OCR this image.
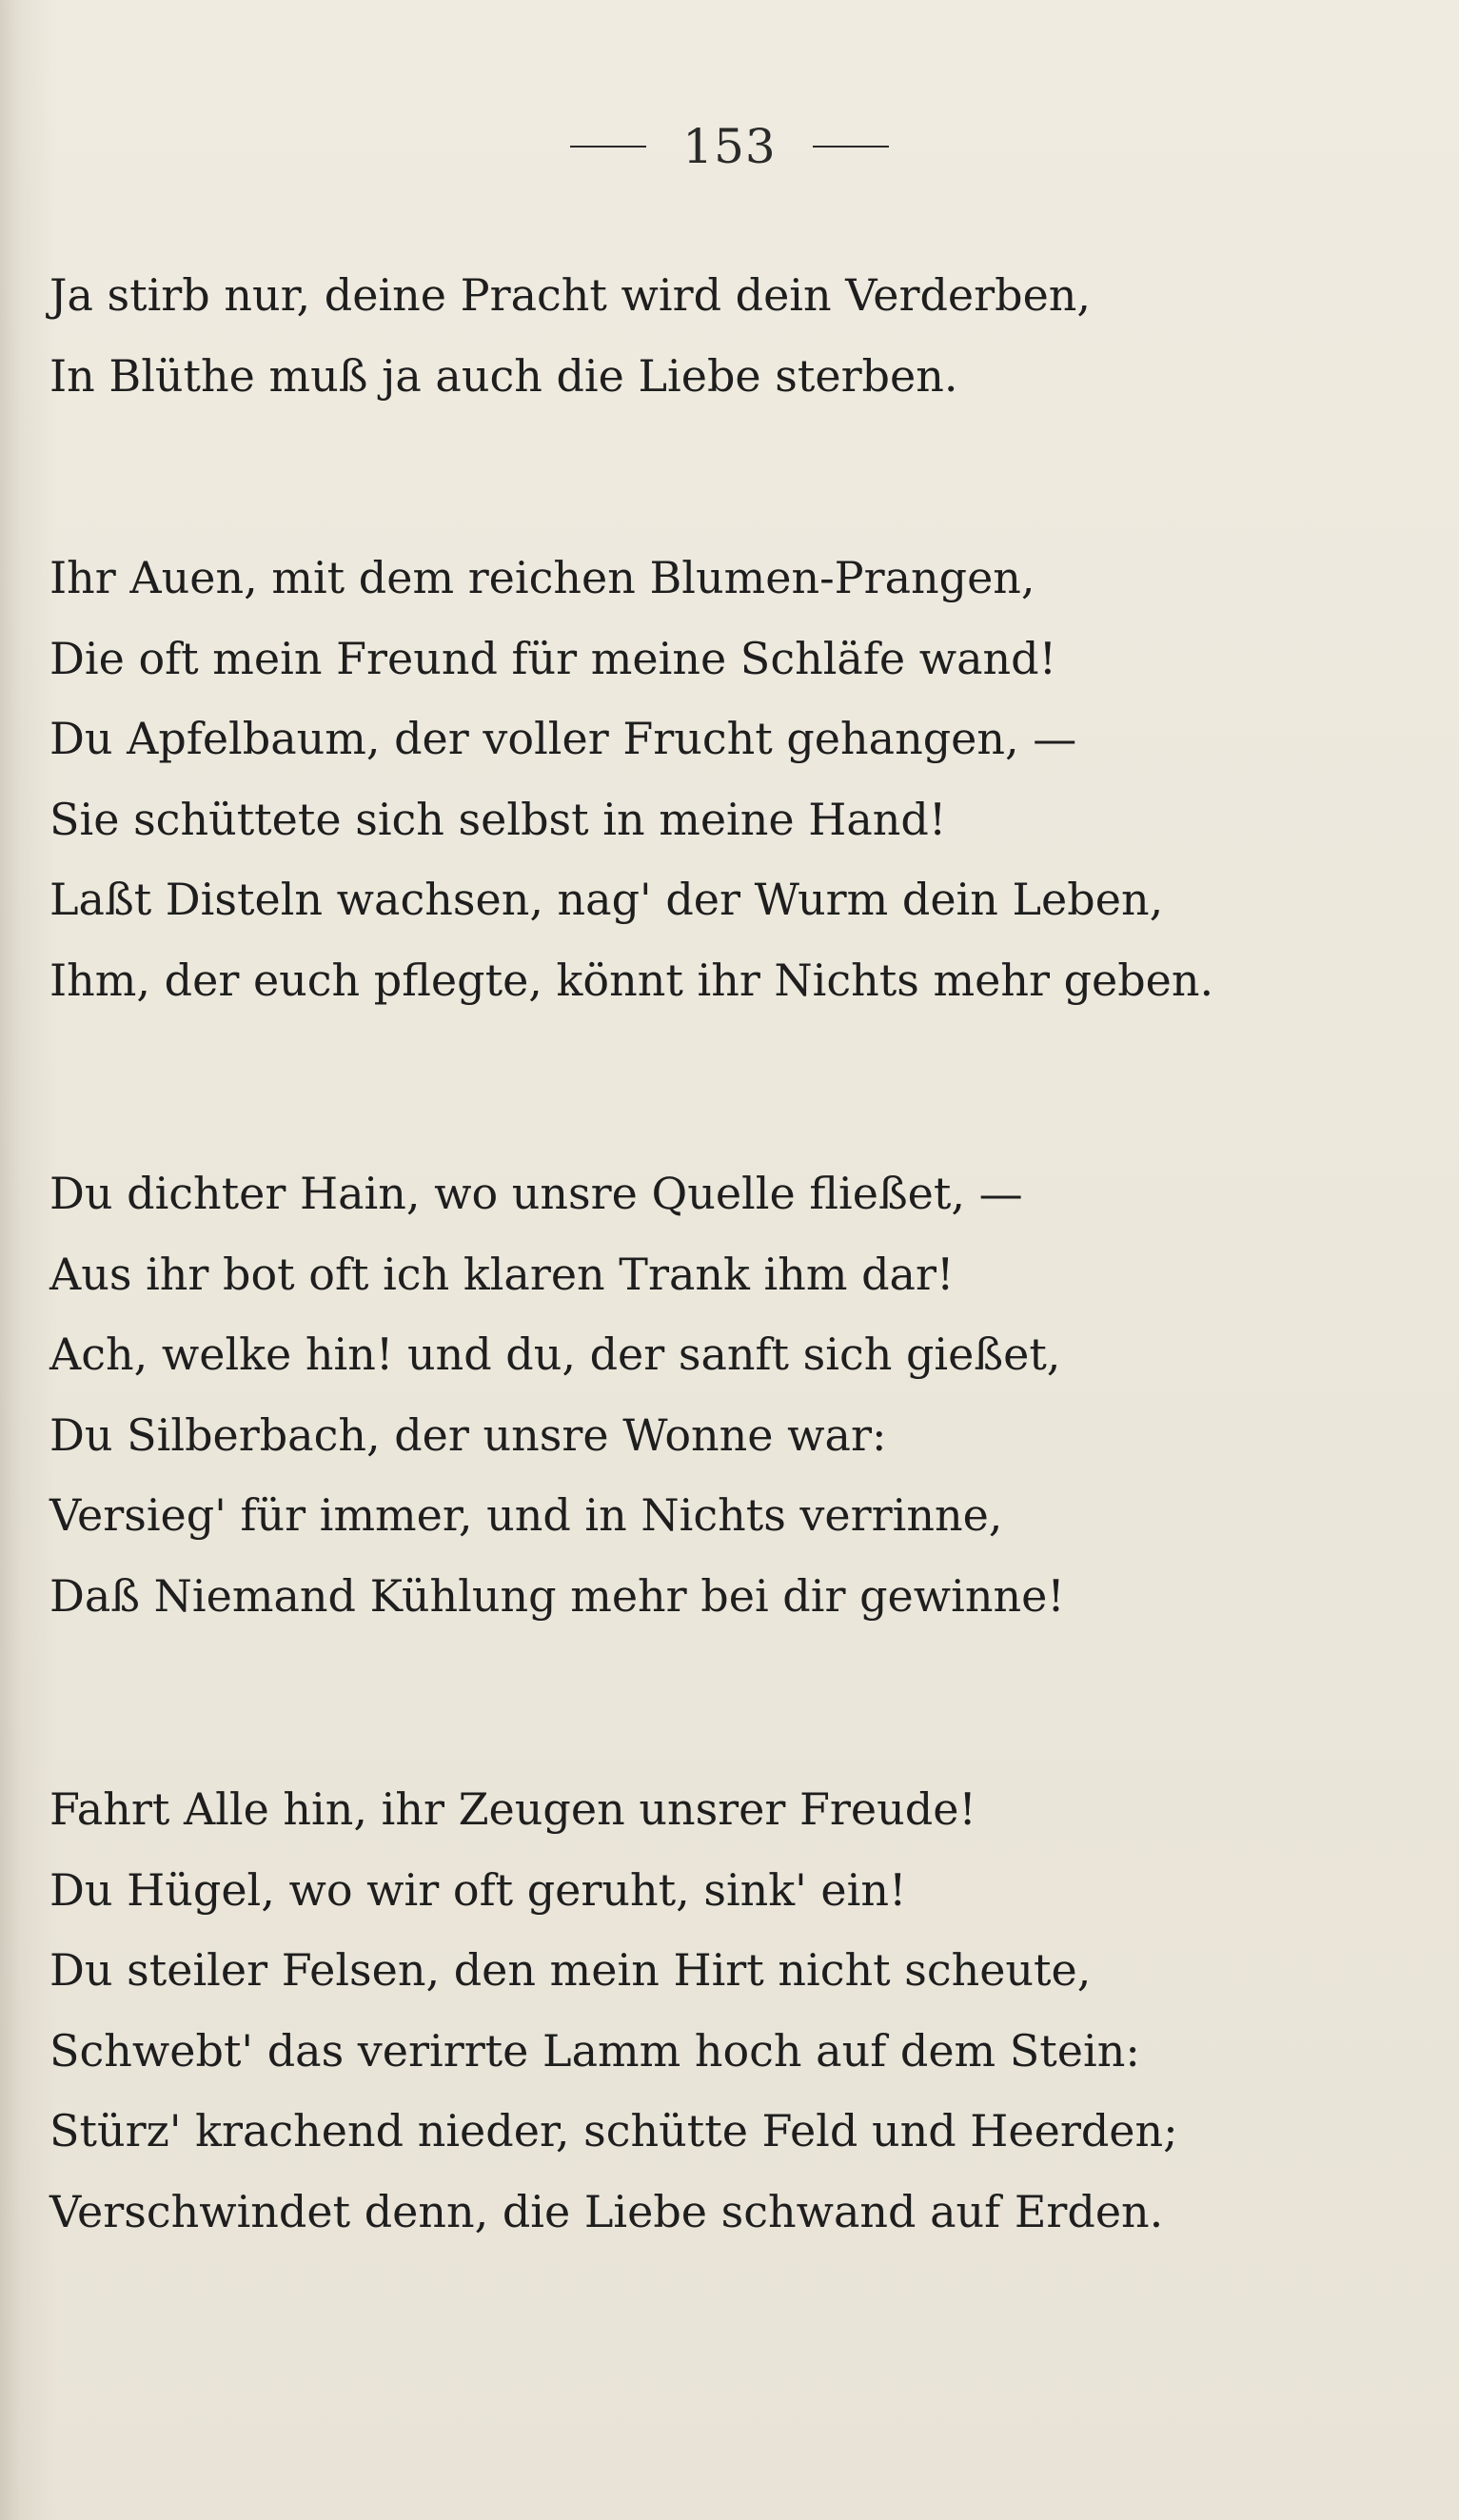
153
Ja stirb nur, deine Pracht wird dein Verderben,
In Blüthe muß ja auch die Liebe sterben.
Ihr Auen, mit dem reichen Blumen-Prangen,
Die oft mein Freund für meine Schläfe wand!
Du Apfelbaum, der voller Frucht gehangen, —
Sie schüttete sich selbst in meine Hand!
Laßt Disteln wachsen, nag' der Wurm dein Leben,
Ihm, der euch pflegte, könnt ihr Nichts mehr geben.
Du dichter Hain, wo unsre Quelle fließet, —
Aus ihr bot oft ich klaren Trank ihm dar!
Ach, welke hin! und du, der sanft sich gießet,
Du Silberbach, der unsre Wonne war:
Versieg' für immer, und in Nichts verrinne,
Daß Niemand Kühlung mehr bei dir gewinne!
Fahrt Alle hin, ihr Zeugen unsrer Freude!
Du Hügel, wo wir oft geruht, sink' ein!
Du steiler Felsen, den mein Hirt nicht scheute,
Schwebt' das verirrte Lamm hoch auf dem Stein:
Stürz' krachend nieder, schütte Feld und Heerden;
Verschwindet denn, die Liebe schwand auf Erden.
